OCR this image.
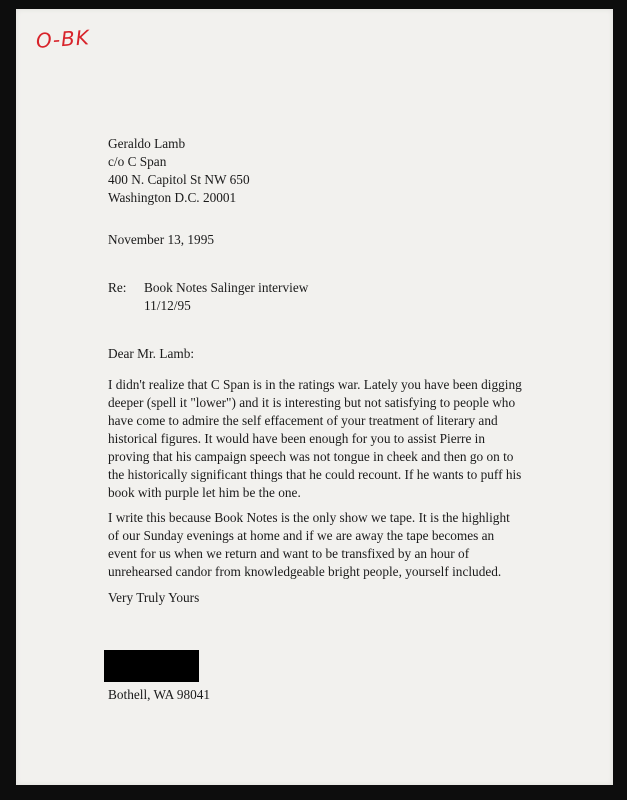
O-BK
Geraldo Lamb
c/o C Span
400 N. Capitol St NW 650
Washington D.C. 20001
November 13, 1995
Re: Book Notes Salinger interview
11/12/95
Dear Mr. Lamb:
I didn't realize that C Span is in the ratings war. Lately you have been digging
deeper (spell it "lower") and it is interesting but not satisfying to people who
have come to admire the self effacement of your treatment of literary and
historical figures. It would have been enough for you to assist Pierre in
proving that his campaign speech was not tongue in cheek and then go on to
the historically significant things that he could recount. If he wants to puff his
book with purple let him be the one.
I write this because Book Notes is the only show we tape. It is the highlight
of our Sunday evenings at home and if we are away the tape becomes an
event for us when we return and want to be transfixed by an hour of
unrehearsed candor from knowledgeable bright people, yourself included.
Very Truly Yours
Bothell, WA 98041
